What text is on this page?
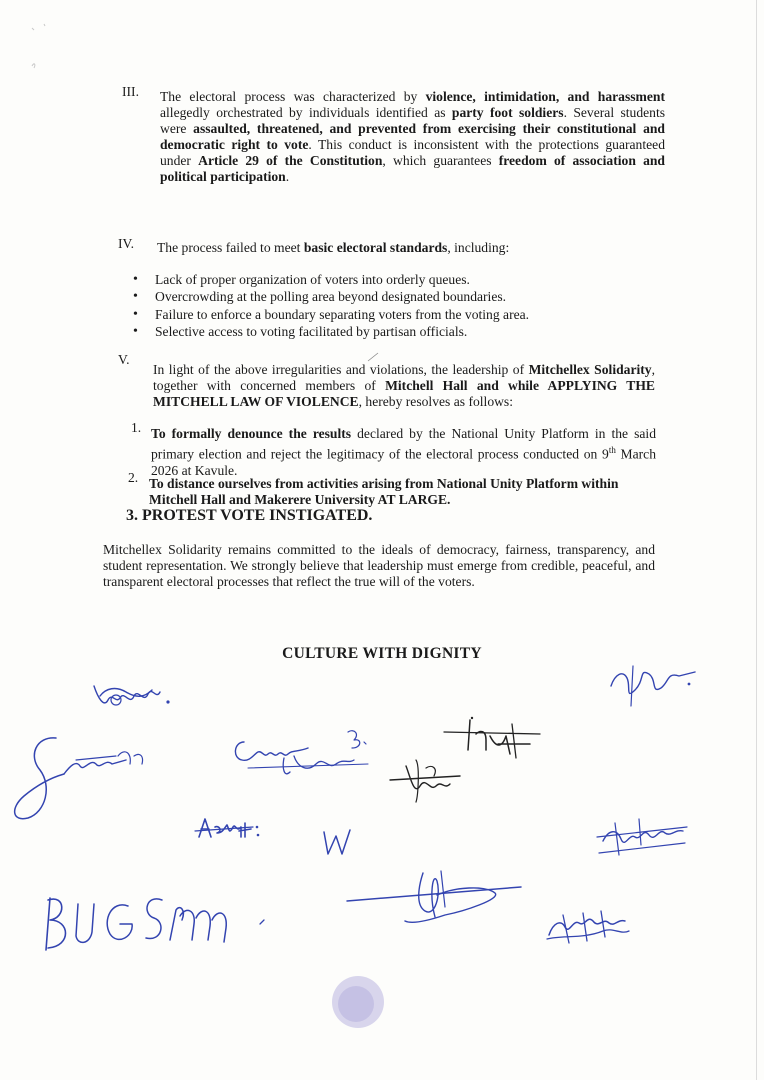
III. The electoral process was characterized by violence, intimidation, and harassment allegedly orchestrated by individuals identified as party foot soldiers. Several students were assaulted, threatened, and prevented from exercising their constitutional and democratic right to vote. This conduct is inconsistent with the protections guaranteed under Article 29 of the Constitution, which guarantees freedom of association and political participation.
IV. The process failed to meet basic electoral standards, including:
• Lack of proper organization of voters into orderly queues.
• Overcrowding at the polling area beyond designated boundaries.
• Failure to enforce a boundary separating voters from the voting area.
• Selective access to voting facilitated by partisan officials.
V.
In light of the above irregularities and violations, the leadership of Mitchellex Solidarity, together with concerned members of Mitchell Hall and while APPLYING THE MITCHELL LAW OF VIOLENCE, hereby resolves as follows:
1. To formally denounce the results declared by the National Unity Platform in the said primary election and reject the legitimacy of the electoral process conducted on 9th March 2026 at Kavule.
2. To distance ourselves from activities arising from National Unity Platform within Mitchell Hall and Makerere University AT LARGE.
3. PROTEST VOTE INSTIGATED.
Mitchellex Solidarity remains committed to the ideals of democracy, fairness, transparency, and student representation. We strongly believe that leadership must emerge from credible, peaceful, and transparent electoral processes that reflect the true will of the voters.
CULTURE WITH DIGNITY
